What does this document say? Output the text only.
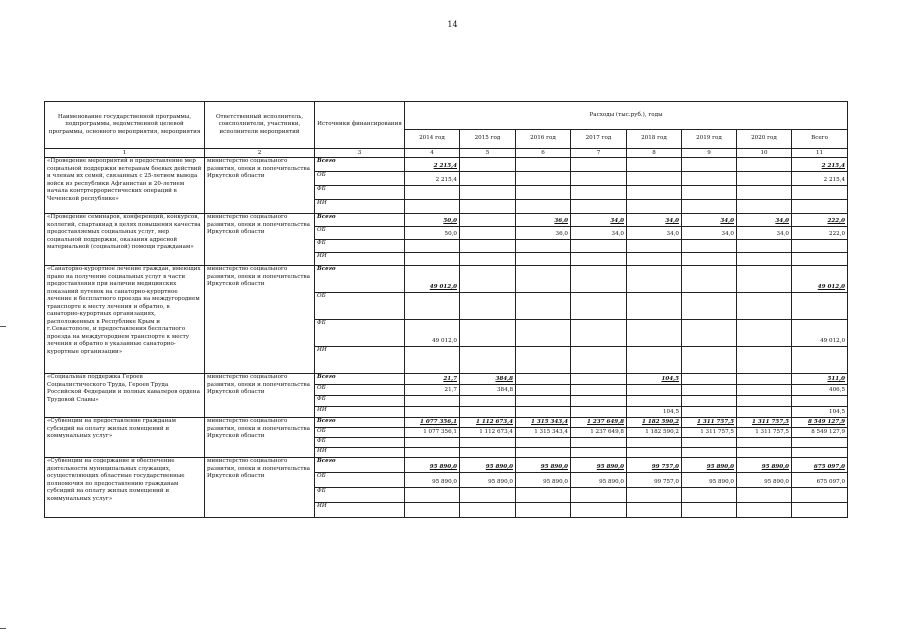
14
Наименование государственной программы, подпрограммы, ведомственной целевой программы, основного мероприятия, мероприятия	Ответственный исполнитель, соисполнители, участники, исполнители мероприятий	Источники финансирования	Расходы (тыс.руб.), годы							
			2014 год	2015 год	2016 год	2017 год	2018 год	2019 год	2020 год	Всего
1	2	3	4	5	6	7	8	9	10	11
«Проведение мероприятий и предоставление мер социальной поддержки ветеранам боевых действий и членам их семей, связанных с 25-летием вывода войск из республики Афганистан и 20-летием начала контртеррористических операций в Чеченской республике»	министерство социального развития, опеки и попечительства Иркутской области	Всего	2 215,4							2 215,4
		ОБ	2 215,4							2 215,4
		ФБ								
		ИИ								
«Проведение семинаров, конференций, конкурсов, коллегий, спартакиад в целях повышения качества предоставляемых социальных услуг, мер социальной поддержки, оказания адресной материальной (социальной) помощи гражданам»	министерство социального развития, опеки и попечительства Иркутской области	Всего	50,0		36,0	34,0	34,0	34,0	34,0	222,0
		ОБ	50,0		36,0	34,0	34,0	34,0	34,0	222,0
		ФБ								
		ИИ								
«Санаторно-курортное лечение граждан, имеющих право на получение социальных услуг в части предоставления при наличии медицинских показаний путевок на санаторно-курортное лечение и бесплатного проезда на междугороднем транспорте к месту лечения и обратно, в санаторно-курортных организациях, расположенных в Республике Крым и г.Севастополе, и предоставления бесплатного проезда на междугороднем транспорте к месту лечения и обратно в указанные санаторно-курортные организации»	министерство социального развития, опеки и попечительства Иркутской области	Всего	49 012,0							49 012,0
		ОБ								
		ФБ	49 012,0							49 012,0
		ИИ								
«Социальная поддержка Героев Социалистического Труда, Героев Труда Российской Федерации и полных кавалеров ордена Трудовой Славы»	министерство социального развития, опеки и попечительства Иркутской области	Всего	21,7	384,8			104,5			511,0
		ОБ	21,7	384,8						406,5
		ФБ								
		ИИ					104,5			104,5
«Субвенции на предоставление гражданам субсидий на оплату жилых помещений и коммунальных услуг»	министерство социального развития, опеки и попечительства Иркутской области	Всего	1 077 356,1	1 112 673,4	1 315 343,4	1 237 649,8	1 182 590,2	1 311 757,5	1 311 757,5	8 549 127,9
		ОБ	1 077 356,1	1 112 673,4	1 315 343,4	1 237 649,8	1 182 590,2	1 311 757,5	1 311 757,5	8 549 127,9
		ФБ								
		ИИ								
«Субвенции на содержание и обеспечение деятельности муниципальных служащих, осуществляющих областные государственные полномочия по предоставлению гражданам субсидий на оплату жилых помещений и коммунальных услуг»	министерство социального развития, опеки и попечительства Иркутской области	Всего	95 890,0	95 890,0	95 890,0	95 890,0	99 757,0	95 890,0	95 890,0	675 097,0
		ОБ	95 890,0	95 890,0	95 890,0	95 890,0	99 757,0	95 890,0	95 890,0	675 097,0
		ФБ								
		ИИ								
